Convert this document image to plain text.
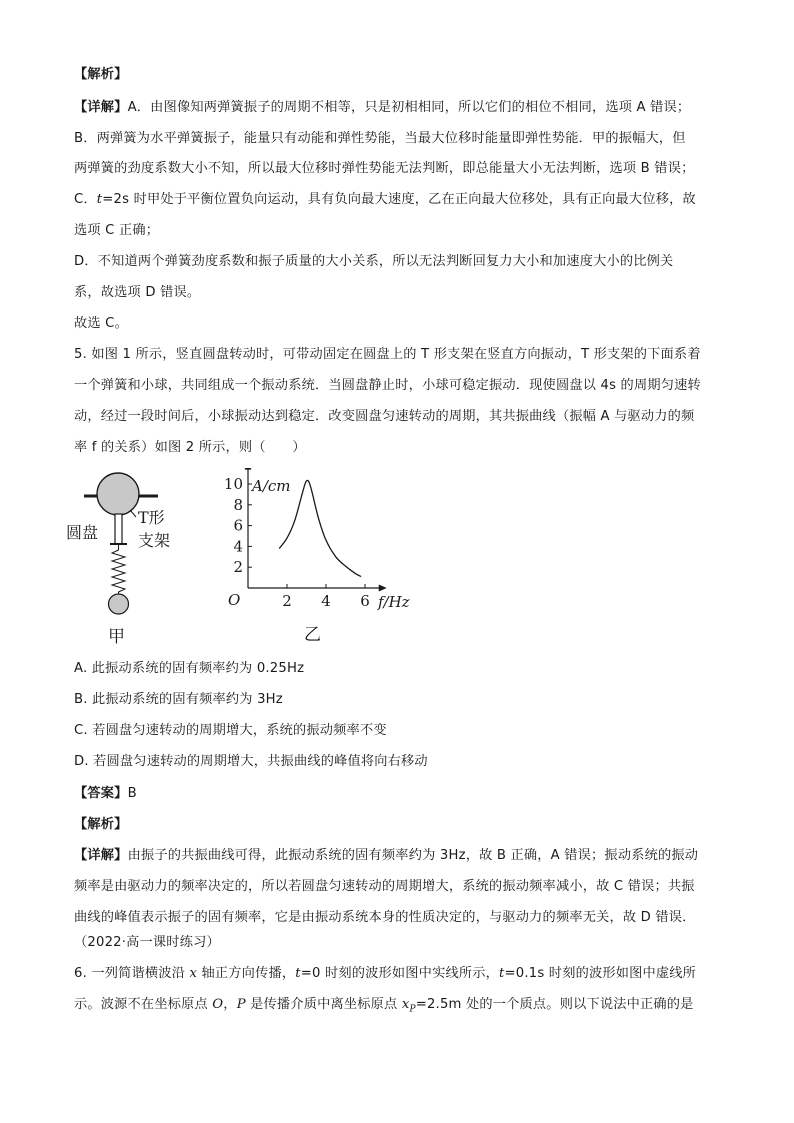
【解析】
【详解】A．由图像知两弹簧振子的周期不相等，只是初相相同，所以它们的相位不相同，选项 A 错误；
B．两弹簧为水平弹簧振子，能量只有动能和弹性势能，当最大位移时能量即弹性势能．甲的振幅大，但
两弹簧的劲度系数大小不知，所以最大位移时弹性势能无法判断，即总能量大小无法判断，选项 B 错误；
C．t=2s 时甲处于平衡位置负向运动，具有负向最大速度，乙在正向最大位移处，具有正向最大位移，故
选项 C 正确；
D．不知道两个弹簧劲度系数和振子质量的大小关系，所以无法判断回复力大小和加速度大小的比例关
系，故选项 D 错误。
故选 C。
5. 如图 1 所示，竖直圆盘转动时，可带动固定在圆盘上的 T 形支架在竖直方向振动，T 形支架的下面系着
一个弹簧和小球，共同组成一个振动系统．当圆盘静止时，小球可稳定振动．现使圆盘以 4s 的周期匀速转
动，经过一段时间后，小球振动达到稳定．改变圆盘匀速转动的周期，其共振曲线（振幅 A 与驱动力的频
率 f 的关系）如图 2 所示，则（　　）
圆盘
T形
支架
甲
2 4 6
2
4
6
8
10 A/cm
f/Hz
O
乙
A. 此振动系统的固有频率约为 0.25Hz
B. 此振动系统的固有频率约为 3Hz
C. 若圆盘匀速转动的周期增大，系统的振动频率不变
D. 若圆盘匀速转动的周期增大，共振曲线的峰值将向右移动
【答案】B
【解析】
【详解】由振子的共振曲线可得，此振动系统的固有频率约为 3Hz，故 B 正确，A 错误；振动系统的振动
频率是由驱动力的频率决定的，所以若圆盘匀速转动的周期增大，系统的振动频率减小，故 C 错误；共振
曲线的峰值表示振子的固有频率，它是由振动系统本身的性质决定的，与驱动力的频率无关，故 D 错误．
（2022·高一课时练习）
6. 一列简谐横波沿 x 轴正方向传播，t=0 时刻的波形如图中实线所示，t=0.1s 时刻的波形如图中虚线所
示。波源不在坐标原点 O，P 是传播介质中离坐标原点 $x_P=2.5m$ 处的一个质点。则以下说法中正确的是
